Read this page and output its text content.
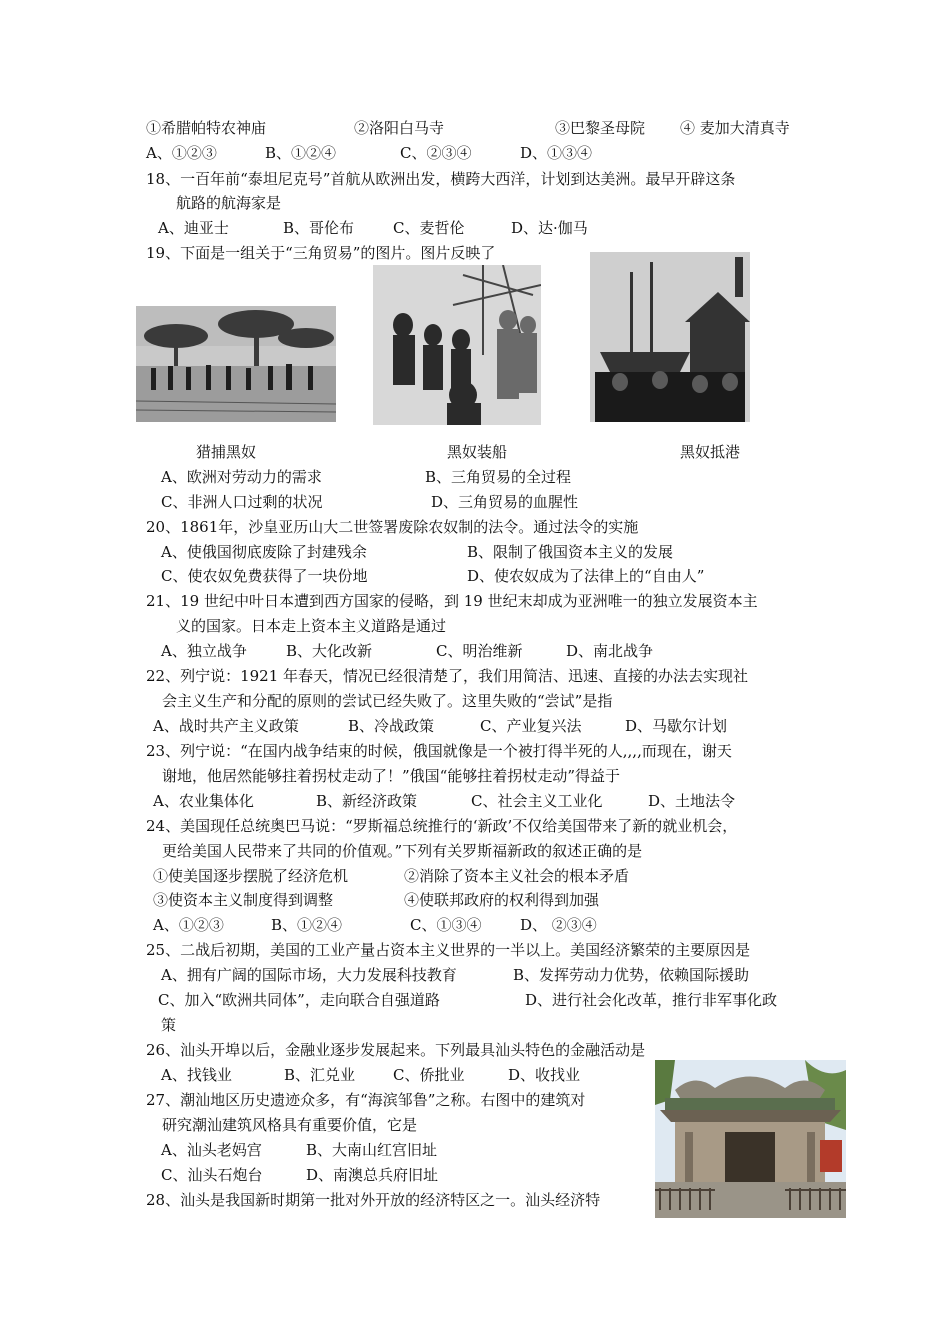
①希腊帕特农神庙	②洛阳白马寺	③巴黎圣母院 ④ 麦加大清真寺
A、①②③	B、①②④	C、②③④	D、①③④
18、一百年前“泰坦尼克号”首航从欧洲出发，横跨大西洋，计划到达美洲。最早开辟这条
航路的航海家是
A、迪亚士	B、哥伦布	C、麦哲伦	D、达·伽马
19、下面是一组关于“三角贸易”的图片。图片反映了
猎捕黑奴	黑奴装船	黑奴抵港
A、欧洲对劳动力的需求	B、三角贸易的全过程
C、非洲人口过剩的状况	D、三角贸易的血腥性
20、1861年，沙皇亚历山大二世签署废除农奴制的法令。通过法令的实施
A、使俄国彻底废除了封建残余	B、限制了俄国资本主义的发展
C、使农奴免费获得了一块份地	D、使农奴成为了法律上的“自由人”
21、19 世纪中叶日本遭到西方国家的侵略，到 19 世纪末却成为亚洲唯一的独立发展资本主
义的国家。日本走上资本主义道路是通过
A、独立战争	B、大化改新	C、明治维新	D、南北战争
22、列宁说：1921 年春天，情况已经很清楚了，我们用简洁、迅速、直接的办法去实现社
会主义生产和分配的原则的尝试已经失败了。这里失败的“尝试”是指
A、战时共产主义政策	B、冷战政策	C、产业复兴法	D、马歇尔计划
23、列宁说：“在国内战争结束的时候，俄国就像是一个被打得半死的人,,,,而现在，谢天
谢地，他居然能够拄着拐杖走动了！”俄国“能够拄着拐杖走动”得益于
A、农业集体化	B、新经济政策	C、社会主义工业化	D、土地法令
24、美国现任总统奥巴马说：“罗斯福总统推行的‘新政’不仅给美国带来了新的就业机会，
更给美国人民带来了共同的价值观。”下列有关罗斯福新政的叙述正确的是
①使美国逐步摆脱了经济危机	②消除了资本主义社会的根本矛盾
③使资本主义制度得到调整	④使联邦政府的权利得到加强
A、①②③	B、①②④	C、①③④	D、 ②③④
25、二战后初期，美国的工业产量占资本主义世界的一半以上。美国经济繁荣的主要原因是
A、拥有广阔的国际市场，大力发展科技教育	B、发挥劳动力优势，依赖国际援助
C、加入“欧洲共同体”，走向联合自强道路	D、进行社会化改革，推行非军事化政
策
26、汕头开埠以后，金融业逐步发展起来。下列最具汕头特色的金融活动是
A、找钱业	B、汇兑业	C、侨批业	D、收找业
27、潮汕地区历史遗迹众多，有“海滨邹鲁”之称。右图中的建筑对
研究潮汕建筑风格具有重要价值，它是
A、汕头老妈宫	B、大南山红宫旧址
C、汕头石炮台	D、南澳总兵府旧址
28、汕头是我国新时期第一批对外开放的经济特区之一。汕头经济特
